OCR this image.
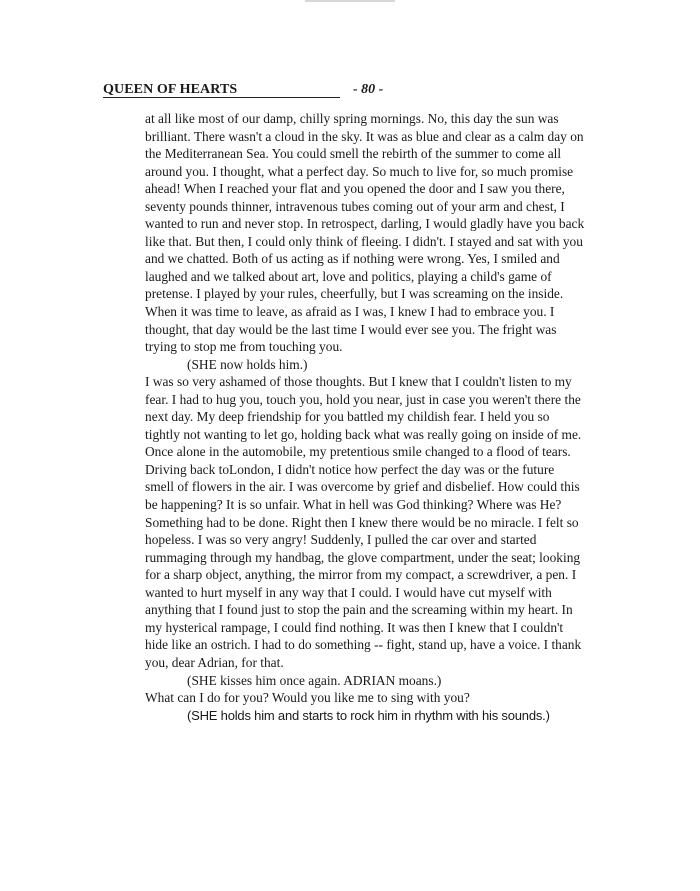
QUEEN OF HEARTS	- 80 -

at all like most of our damp, chilly spring mornings. No, this day the sun was brilliant. There wasn't a cloud in the sky. It was as blue and clear as a calm day on the Mediterranean Sea. You could smell the rebirth of the summer to come all around you. I thought, what a perfect day. So much to live for, so much promise ahead! When I reached your flat and you opened the door and I saw you there, seventy pounds thinner, intravenous tubes coming out of your arm and chest, I wanted to run and never stop. In retrospect, darling, I would gladly have you back like that. But then, I could only think of fleeing. I didn't. I stayed and sat with you and we chatted. Both of us acting as if nothing were wrong. Yes, I smiled and laughed and we talked about art, love and politics, playing a child's game of pretense. I played by your rules, cheerfully, but I was screaming on the inside. When it was time to leave, as afraid as I was, I knew I had to embrace you. I thought, that day would be the last time I would ever see you. The fright was trying to stop me from touching you.

(SHE now holds him.)

I was so very ashamed of those thoughts. But I knew that I couldn't listen to my fear. I had to hug you, touch you, hold you near, just in case you weren't there the next day. My deep friendship for you battled my childish fear. I held you so tightly not wanting to let go, holding back what was really going on inside of me. Once alone in the automobile, my pretentious smile changed to a flood of tears. Driving back toLondon, I didn't notice how perfect the day was or the future smell of flowers in the air. I was overcome by grief and disbelief. How could this be happening? It is so unfair. What in hell was God thinking? Where was He? Something had to be done. Right then I knew there would be no miracle. I felt so hopeless. I was so very angry! Suddenly, I pulled the car over and started rummaging through my handbag, the glove compartment, under the seat; looking for a sharp object, anything, the mirror from my compact, a screwdriver, a pen. I wanted to hurt myself in any way that I could. I would have cut myself with anything that I found just to stop the pain and the screaming within my heart. In my hysterical rampage, I could find nothing. It was then I knew that I couldn't hide like an ostrich. I had to do something -- fight, stand up, have a voice. I thank you, dear Adrian, for that.

(SHE kisses him once again. ADRIAN moans.)

What can I do for you? Would you like me to sing with you?

(SHE holds him and starts to rock him in rhythm with his sounds.)
